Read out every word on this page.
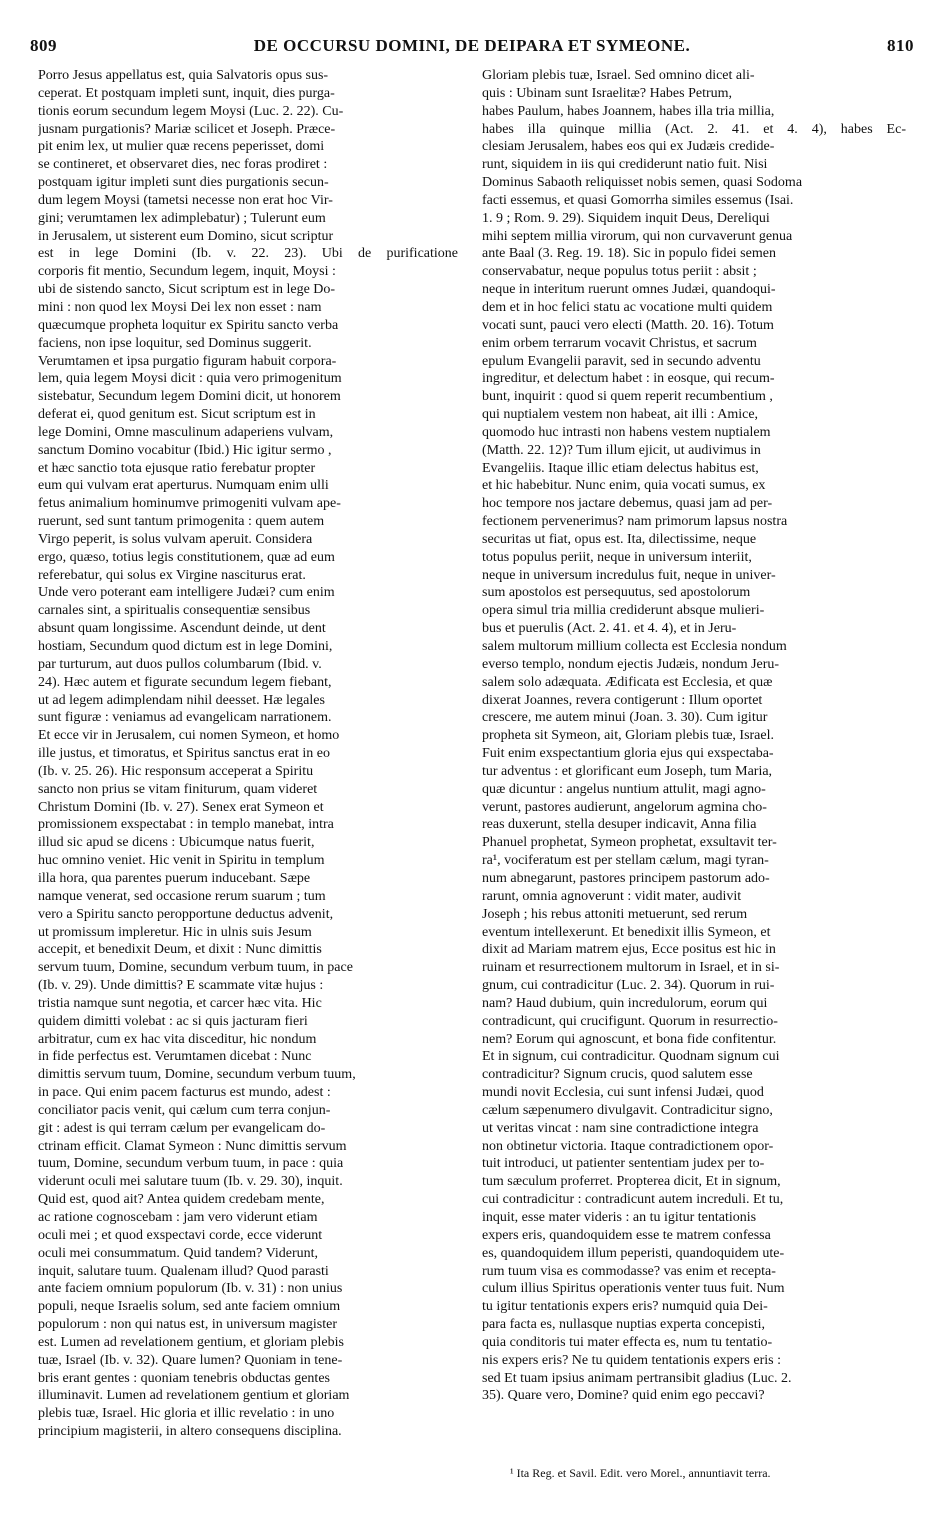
809	DE OCCURSU DOMINI, DE DEIPARA ET SYMEONE.	810
Porro Jesus appellatus est, quia Salvatoris opus sus-
ceperat. Et postquam impleti sunt, inquit, dies purga-
tionis eorum secundum legem Moysi (Luc. 2. 22). Cu-
jusnam purgationis? Mariæ scilicet et Joseph. Præce-
pit enim lex, ut mulier quæ recens peperisset, domi
se contineret, et observaret dies, nec foras prodiret :
postquam igitur impleti sunt dies purgationis secun-
dum legem Moysi (tametsi necesse non erat hoc Vir-
gini; verumtamen lex adimplebatur) ; Tulerunt eum
in Jerusalem, ut sisterent eum Domino, sicut scriptur
est in lege Domini (Ib. v. 22. 23). Ubi de purificatione
corporis fit mentio, Secundum legem, inquit, Moysi :
ubi de sistendo sancto, Sicut scriptum est in lege Do-
mini : non quod lex Moysi Dei lex non esset : nam
quæcumque propheta loquitur ex Spiritu sancto verba
faciens, non ipse loquitur, sed Dominus suggerit.
Verumtamen et ipsa purgatio figuram habuit corpora-
lem, quia legem Moysi dicit : quia vero primogenitum
sistebatur, Secundum legem Domini dicit, ut honorem
deferat ei, quod genitum est. Sicut scriptum est in
lege Domini, Omne masculinum adaperiens vulvam,
sanctum Domino vocabitur (Ibid.) Hic igitur sermo ,
et hæc sanctio tota ejusque ratio ferebatur propter
eum qui vulvam erat aperturus. Numquam enim ulli
fetus animalium hominumve primogeniti vulvam ape-
ruerunt, sed sunt tantum primogenita : quem autem
Virgo peperit, is solus vulvam aperuit. Considera
ergo, quæso, totius legis constitutionem, quæ ad eum
referebatur, qui solus ex Virgine nasciturus erat.
Unde vero poterant eam intelligere Judæi? cum enim
carnales sint, a spiritualis consequentiæ sensibus
absunt quam longissime. Ascendunt deinde, ut dent
hostiam, Secundum quod dictum est in lege Domini,
par turturum, aut duos pullos columbarum (Ibid. v.
24). Hæc autem et figurate secundum legem fiebant,
ut ad legem adimplendam nihil deesset. Hæ legales
sunt figuræ : veniamus ad evangelicam narrationem.
Et ecce vir in Jerusalem, cui nomen Symeon, et homo
ille justus, et timoratus, et Spiritus sanctus erat in eo
(Ib. v. 25. 26). Hic responsum acceperat a Spiritu
sancto non prius se vitam finiturum, quam videret
Christum Domini (Ib. v. 27). Senex erat Symeon et
promissionem exspectabat : in templo manebat, intra
illud sic apud se dicens : Ubicumque natus fuerit,
huc omnino veniet. Hic venit in Spiritu in templum
illa hora, qua parentes puerum inducebant. Sæpe
namque venerat, sed occasione rerum suarum ; tum
vero a Spiritu sancto peropportune deductus advenit,
ut promissum impleretur. Hic in ulnis suis Jesum
accepit, et benedixit Deum, et dixit : Nunc dimittis
servum tuum, Domine, secundum verbum tuum, in pace
(Ib. v. 29). Unde dimittis? E scammate vitæ hujus :
tristia namque sunt negotia, et carcer hæc vita. Hic
quidem dimitti volebat : ac si quis jacturam fieri
arbitratur, cum ex hac vita disceditur, hic nondum
in fide perfectus est. Verumtamen dicebat : Nunc
dimittis servum tuum, Domine, secundum verbum tuum,
in pace. Qui enim pacem facturus est mundo, adest :
conciliator pacis venit, qui cælum cum terra conjun-
git : adest is qui terram cælum per evangelicam do-
ctrinam efficit. Clamat Symeon : Nunc dimittis servum
tuum, Domine, secundum verbum tuum, in pace : quia
viderunt oculi mei salutare tuum (Ib. v. 29. 30), inquit.
Quid est, quod ait? Antea quidem credebam mente,
ac ratione cognoscebam : jam vero viderunt etiam
oculi mei ; et quod exspectavi corde, ecce viderunt
oculi mei consummatum. Quid tandem? Viderunt,
inquit, salutare tuum. Qualenam illud? Quod parasti
ante faciem omnium populorum (Ib. v. 31) : non unius
populi, neque Israelis solum, sed ante faciem omnium
populorum : non qui natus est, in universum magister
est. Lumen ad revelationem gentium, et gloriam plebis
tuæ, Israel (Ib. v. 32). Quare lumen? Quoniam in tene-
bris erant gentes : quoniam tenebris obductas gentes
illuminavit. Lumen ad revelationem gentium et gloriam
plebis tuæ, Israel. Hic gloria et illic revelatio : in uno
principium magisterii, in altero consequens disciplina.
Gloriam plebis tuæ, Israel. Sed omnino dicet ali-
quis : Ubinam sunt Israelitæ? Habes Petrum,
habes Paulum, habes Joannem, habes illa tria millia,
habes illa quinque millia (Act. 2. 41. et 4. 4), habes Ec-
clesiam Jerusalem, habes eos qui ex Judæis credide-
runt, siquidem in iis qui crediderunt natio fuit. Nisi
Dominus Sabaoth reliquisset nobis semen, quasi Sodoma
facti essemus, et quasi Gomorrha similes essemus (Isai.
1. 9 ; Rom. 9. 29). Siquidem inquit Deus, Dereliqui
mihi septem millia virorum, qui non curvaverunt genua
ante Baal (3. Reg. 19. 18). Sic in populo fidei semen
conservabatur, neque populus totus periit : absit ;
neque in interitum ruerunt omnes Judæi, quandoqui-
dem et in hoc felici statu ac vocatione multi quidem
vocati sunt, pauci vero electi (Matth. 20. 16). Totum
enim orbem terrarum vocavit Christus, et sacrum
epulum Evangelii paravit, sed in secundo adventu
ingreditur, et delectum habet : in eosque, qui recum-
bunt, inquirit : quod si quem reperit recumbentium ,
qui nuptialem vestem non habeat, ait illi : Amice,
quomodo huc intrasti non habens vestem nuptialem
(Matth. 22. 12)? Tum illum ejicit, ut audivimus in
Evangeliis. Itaque illic etiam delectus habitus est,
et hic habebitur. Nunc enim, quia vocati sumus, ex
hoc tempore nos jactare debemus, quasi jam ad per-
fectionem pervenerimus? nam primorum lapsus nostra
securitas ut fiat, opus est. Ita, dilectissime, neque
totus populus periit, neque in universum interiit,
neque in universum incredulus fuit, neque in univer-
sum apostolos est persequutus, sed apostolorum
opera simul tria millia crediderunt absque mulieri-
bus et puerulis (Act. 2. 41. et 4. 4), et in Jeru-
salem multorum millium collecta est Ecclesia nondum
everso templo, nondum ejectis Judæis, nondum Jeru-
salem solo adæquata. Ædificata est Ecclesia, et quæ
dixerat Joannes, revera contigerunt : Illum oportet
crescere, me autem minui (Joan. 3. 30). Cum igitur
propheta sit Symeon, ait, Gloriam plebis tuæ, Israel.
Fuit enim exspectantium gloria ejus qui exspectaba-
tur adventus : et glorificant eum Joseph, tum Maria,
quæ dicuntur : angelus nuntium attulit, magi agno-
verunt, pastores audierunt, angelorum agmina cho-
reas duxerunt, stella desuper indicavit, Anna filia
Phanuel prophetat, Symeon prophetat, exsultavit ter-
ra¹, vociferatum est per stellam cælum, magi tyran-
num abnegarunt, pastores principem pastorum ado-
rarunt, omnia agnoverunt : vidit mater, audivit
Joseph ; his rebus attoniti metuerunt, sed rerum
eventum intellexerunt. Et benedixit illis Symeon, et
dixit ad Mariam matrem ejus, Ecce positus est hic in
ruinam et resurrectionem multorum in Israel, et in si-
gnum, cui contradicitur (Luc. 2. 34). Quorum in rui-
nam? Haud dubium, quin incredulorum, eorum qui
contradicunt, qui crucifigunt. Quorum in resurrectio-
nem? Eorum qui agnoscunt, et bona fide confitentur.
Et in signum, cui contradicitur. Quodnam signum cui
contradicitur? Signum crucis, quod salutem esse
mundi novit Ecclesia, cui sunt infensi Judæi, quod
cælum sæpenumero divulgavit. Contradicitur signo,
ut veritas vincat : nam sine contradictione integra
non obtinetur victoria. Itaque contradictionem opor-
tuit introduci, ut patienter sententiam judex per to-
tum sæculum proferret. Propterea dicit, Et in signum,
cui contradicitur : contradicunt autem increduli. Et tu,
inquit, esse mater videris : an tu igitur tentationis
expers eris, quandoquidem esse te matrem confessa
es, quandoquidem illum peperisti, quandoquidem ute-
rum tuum visa es commodasse? vas enim et recepta-
culum illius Spiritus operationis venter tuus fuit. Num
tu igitur tentationis expers eris? numquid quia Dei-
para facta es, nullasque nuptias experta concepisti,
quia conditoris tui mater effecta es, num tu tentatio-
nis expers eris? Ne tu quidem tentationis expers eris :
sed Et tuam ipsius animam pertransibit gladius (Luc. 2.
35). Quare vero, Domine? quid enim ego peccavi?
¹ Ita Reg. et Savil. Edit. vero Morel., annuntiavit terra.
